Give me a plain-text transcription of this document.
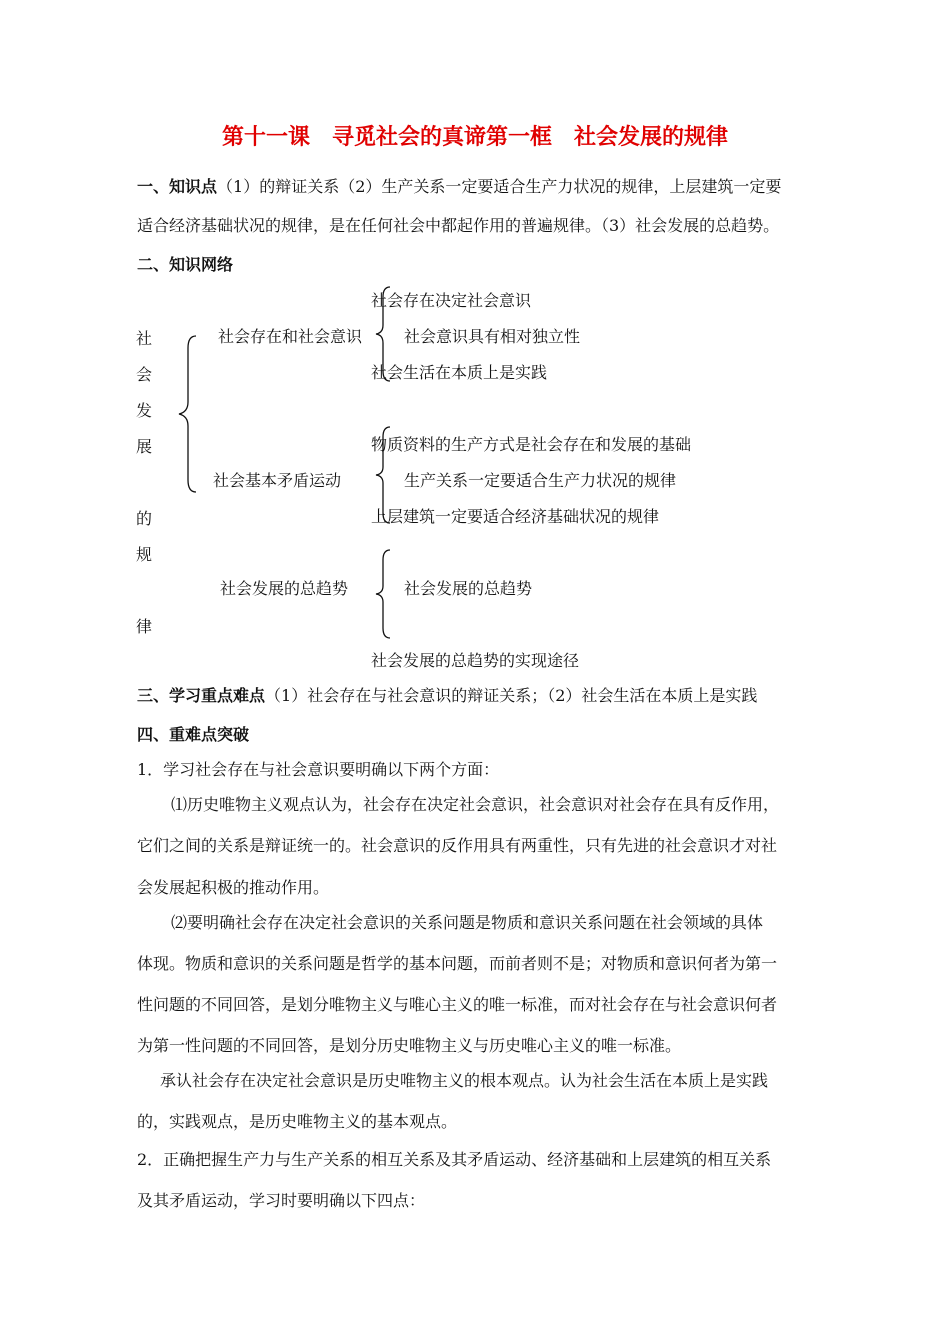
第十一课　寻觅社会的真谛第一框　社会发展的规律
一、知识点（1）的辩证关系（2）生产关系一定要适合生产力状况的规律，上层建筑一定要
适合经济基础状况的规律，是在任何社会中都起作用的普遍规律。（3）社会发展的总趋势。
二、知识网络
社
会
发
展
的
规
律
社会存在和社会意识
社会存在决定社会意识
社会意识具有相对独立性
社会生活在本质上是实践
社会基本矛盾运动
物质资料的生产方式是社会存在和发展的基础
生产关系一定要适合生产力状况的规律
上层建筑一定要适合经济基础状况的规律
社会发展的总趋势	社会发展的总趋势
社会发展的总趋势的实现途径
三、学习重点难点（1）社会存在与社会意识的辩证关系；（2）社会生活在本质上是实践
四、重难点突破
1．学习社会存在与社会意识要明确以下两个方面：
⑴历史唯物主义观点认为，社会存在决定社会意识，社会意识对社会存在具有反作用，
它们之间的关系是辩证统一的。社会意识的反作用具有两重性，只有先进的社会意识才对社
会发展起积极的推动作用。
⑵要明确社会存在决定社会意识的关系问题是物质和意识关系问题在社会领域的具体
体现。物质和意识的关系问题是哲学的基本问题，而前者则不是；对物质和意识何者为第一
性问题的不同回答，是划分唯物主义与唯心主义的唯一标准，而对社会存在与社会意识何者
为第一性问题的不同回答，是划分历史唯物主义与历史唯心主义的唯一标准。
承认社会存在决定社会意识是历史唯物主义的根本观点。认为社会生活在本质上是实践
的，实践观点，是历史唯物主义的基本观点。
2．正确把握生产力与生产关系的相互关系及其矛盾运动、经济基础和上层建筑的相互关系
及其矛盾运动，学习时要明确以下四点：
